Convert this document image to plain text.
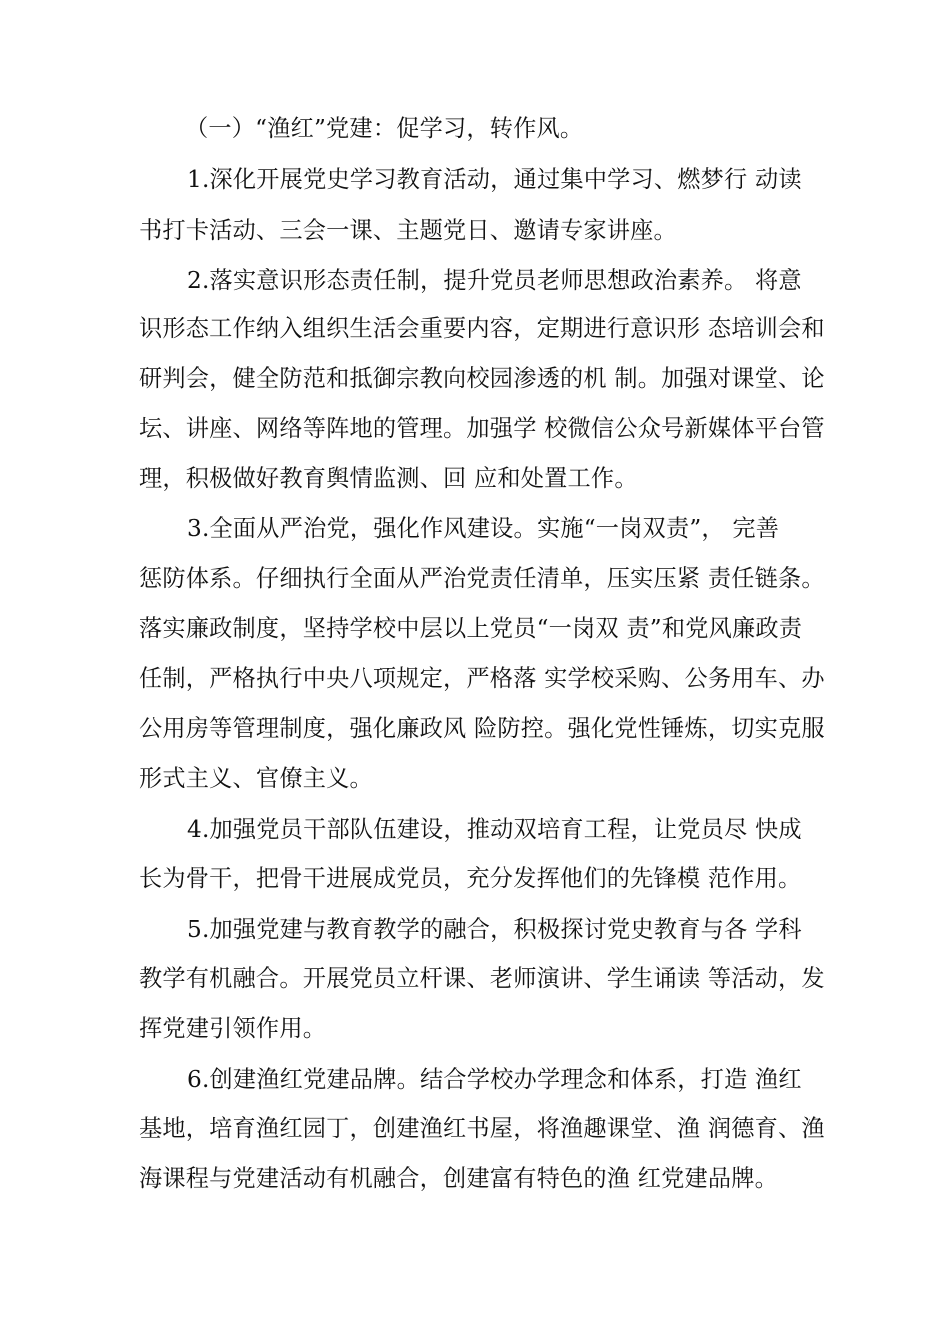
（一）“渔红”党建：促学习，转作风。
1.深化开展党史学习教育活动，通过集中学习、燃梦行 动读
书打卡活动、三会一课、主题党日、邀请专家讲座。
2.落实意识形态责任制，提升党员老师思想政治素养。 将意
识形态工作纳入组织生活会重要内容，定期进行意识形 态培训会和
研判会，健全防范和抵御宗教向校园渗透的机 制。加强对课堂、论
坛、讲座、网络等阵地的管理。加强学 校微信公众号新媒体平台管
理，积极做好教育舆情监测、回 应和处置工作。
3.全面从严治党，强化作风建设。实施“一岗双责”， 完善
惩防体系。仔细执行全面从严治党责任清单，压实压紧 责任链条。
落实廉政制度，坚持学校中层以上党员“一岗双 责”和党风廉政责
任制，严格执行中央八项规定，严格落 实学校采购、公务用车、办
公用房等管理制度，强化廉政风 险防控。强化党性锤炼，切实克服
形式主义、官僚主义。
4.加强党员干部队伍建设，推动双培育工程，让党员尽 快成
长为骨干，把骨干进展成党员，充分发挥他们的先锋模 范作用。
5.加强党建与教育教学的融合，积极探讨党史教育与各 学科
教学有机融合。开展党员立杆课、老师演讲、学生诵读 等活动，发
挥党建引领作用。
6.创建渔红党建品牌。结合学校办学理念和体系，打造 渔红
基地，培育渔红园丁，创建渔红书屋，将渔趣课堂、渔 润德育、渔
海课程与党建活动有机融合，创建富有特色的渔 红党建品牌。
